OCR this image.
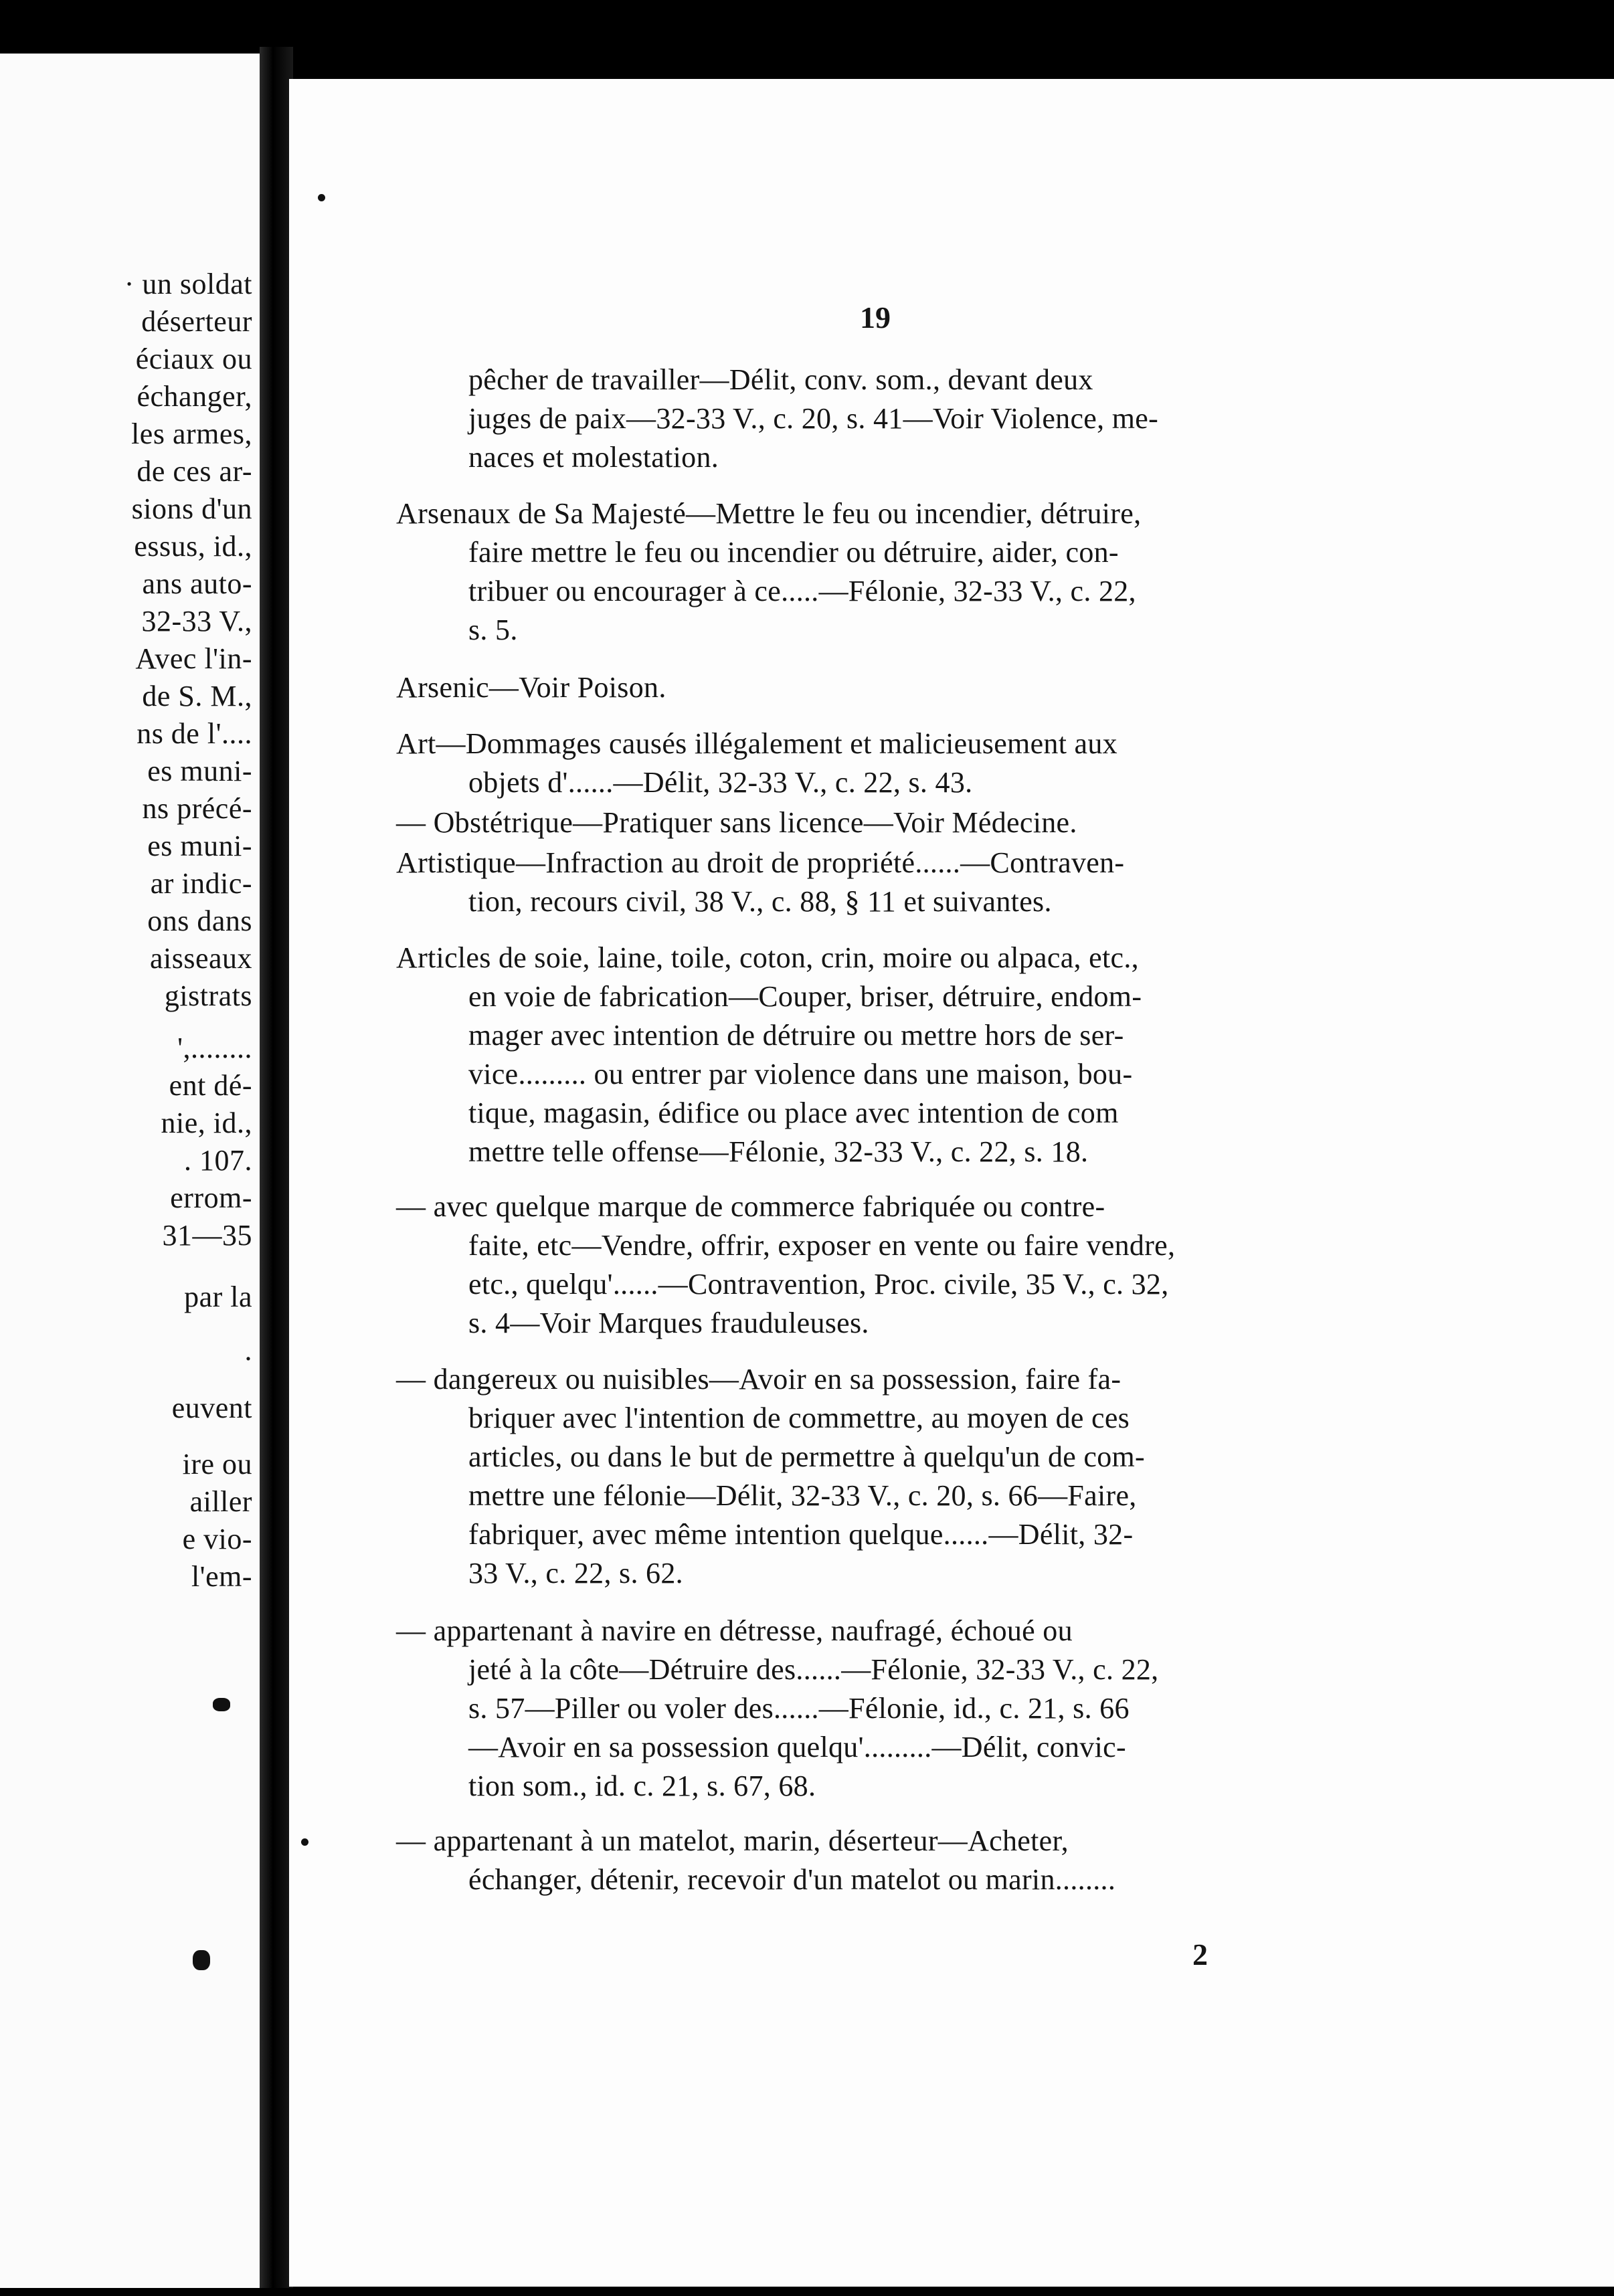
· un soldat
déserteur
éciaux ou
échanger,
les armes,
de ces ar-
sions d'un
essus, id.,
ans auto-
32-33 V.,
Avec l'in-
de S. M.,
ns de l'....
es muni-
ns précé-
es muni-
ar indic-
ons dans
aisseaux
gistrats
',........
ent dé-
nie, id.,
. 107.
errom-
31—35
par la
.
euvent
ire ou
ailler
e vio-
l'em-
19
pêcher de travailler—Délit, conv. som., devant deux
juges de paix—32-33 V., c. 20, s. 41—Voir Violence, me-
naces et molestation.
Arsenaux de Sa Majesté—Mettre le feu ou incendier, détruire,
faire mettre le feu ou incendier ou détruire, aider, con-
tribuer ou encourager à ce.....—Félonie, 32-33 V., c. 22,
s. 5.
Arsenic—Voir Poison.
Art—Dommages causés illégalement et malicieusement aux
objets d'......—Délit, 32-33 V., c. 22, s. 43.
— Obstétrique—Pratiquer sans licence—Voir Médecine.
Artistique—Infraction au droit de propriété......—Contraven-
tion, recours civil, 38 V., c. 88, § 11 et suivantes.
Articles de soie, laine, toile, coton, crin, moire ou alpaca, etc.,
en voie de fabrication—Couper, briser, détruire, endom-
mager avec intention de détruire ou mettre hors de ser-
vice......... ou entrer par violence dans une maison, bou-
tique, magasin, édifice ou place avec intention de com
mettre telle offense—Félonie, 32-33 V., c. 22, s. 18.
— avec quelque marque de commerce fabriquée ou contre-
faite, etc—Vendre, offrir, exposer en vente ou faire vendre,
etc., quelqu'......—Contravention, Proc. civile, 35 V., c. 32,
s. 4—Voir Marques frauduleuses.
— dangereux ou nuisibles—Avoir en sa possession, faire fa-
briquer avec l'intention de commettre, au moyen de ces
articles, ou dans le but de permettre à quelqu'un de com-
mettre une félonie—Délit, 32-33 V., c. 20, s. 66—Faire,
fabriquer, avec même intention quelque......—Délit, 32-
33 V., c. 22, s. 62.
— appartenant à navire en détresse, naufragé, échoué ou
jeté à la côte—Détruire des......—Félonie, 32-33 V., c. 22,
s. 57—Piller ou voler des......—Félonie, id., c. 21, s. 66
—Avoir en sa possession quelqu'.........—Délit, convic-
tion som., id. c. 21, s. 67, 68.
— appartenant à un matelot, marin, déserteur—Acheter,
échanger, détenir, recevoir d'un matelot ou marin........
2
